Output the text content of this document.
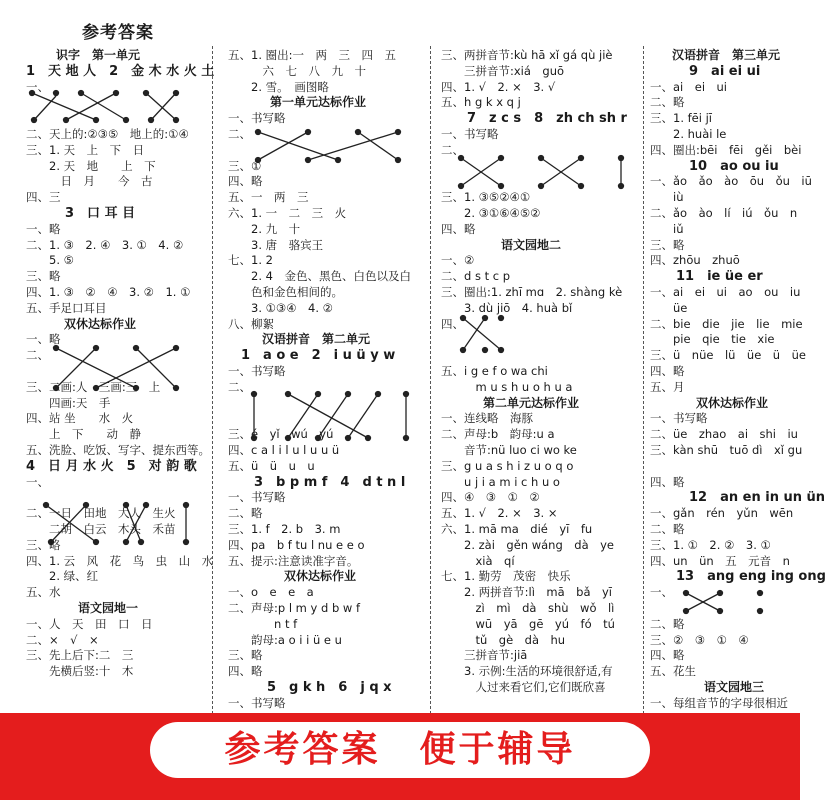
参考答案
识字　第一单元
1　天 地 人　2　金 木 水 火 土
一、
二、天上的:②③⑤　地上的:①④
三、1. 天　上　下　日
　　2. 天　地　　上　下
　　　日　月　　今　古
四、三
　　　3　口 耳 目
一、略
二、1. ③　2. ④　3. ①　4. ②
　　5. ⑤
三、略
四、1. ③　②　④　3. ②　1. ①
五、手足口耳目
双休达标作业
一、略
二、
三、二画:人　三画:三　上
　　四画:天　手
四、站 坐　　水　火
　　上　下　　动　静
五、洗脸、吃饭、写字、提东西等。
4　日 月 水 火　5　对 韵 歌
一、
二、一日　田地　大人　生火
　　二胡　白云　木头　禾苗
三、略
四、1. 云　风　花　鸟　虫　山　水
　　2. 绿、红
五、水
语文园地一
一、人　天　田　口　日
二、×　√　×
三、先上后下:二　三
　　先横后竖:十　木
五、1. 圈出:一　两　三　四　五
　　　六　七　八　九　十
　　2. 雪。　画图略
第一单元达标作业
一、书写略
二、
三、①
四、略
五、一　两　三
六、1. 一　二　三　火
　　2. 九　十
　　3. 唐　骆宾王
七、1. 2
　　2. 4　金色、黑色、白色以及白
　　色和金色相间的。
　　3. ①③④　4. ②
八、柳絮
汉语拼音　第二单元
　1　a o e　2　i u ü y w
一、书写略
二、
三、é　yǐ　wú　yú
四、c a l i l u l u u ü
五、ü　ü　u　u
　　3　b p m f　4　d t n l
一、书写略
二、略
三、1. f　2. b　3. m
四、pa　b f tu l nu e e o
五、提示:注意读准字音。
双休达标作业
一、o　e　e　a
二、声母:p l m y d b w f
　　　　n t f
　　韵母:a o i i ü e u
三、略
四、略
　　　5　g k h　6　j q x
一、书写略
三、两拼音节:kù hā xǐ gá qù jiè
　　三拼音节:xiá　guō
四、1. √　2. ×　3. √
五、h g k x q j
　　7　z c s　8　zh ch sh r
一、书写略
二、
三、1. ③⑤②④①
　　2. ③①⑥④⑤②
四、略
语文园地二
一、②
二、d s t c p
三、圈出:1. zhī mɑ　2. shàng kè
　　3. dù jiō　4. huà bǐ
四、
五、i g e f o wa chi
　　　m u s h u o h u a
第二单元达标作业
一、连线略　海豚
二、声母:b　韵母:u a
　　音节:nü luo ci wo ke
三、g u a s h i z u o q o
　　u j i a m i c h u o
四、④　③　①　②
五、1. √　2. ×　3. ×
六、1. mā ma　dié　yī　fu
　　2. zài　gěn wáng　dà　ye
　　　xià　qí
七、1. 勤劳　茂密　快乐
　　2. 两拼音节:lì　mā　bǎ　yī
　　　zì　mì　dà　shù　wǒ　lì
　　　wū　yā　gē　yú　fó　tú
　　　tǔ　gè　dà　hu
　　三拼音节:jiā
　　3. 示例:生活的环境很舒适,有
　　　人过来看它们,它们既欣喜
汉语拼音　第三单元
　　　9　ai ei ui
一、ai　ei　ui
二、略
三、1. fēi jī
　　2. huài le
四、圈出:bēi　fēi　gěi　bèi
　　　10　ao ou iu
一、ǎo　ǎo　ào　ōu　ǒu　iū
　　iù
二、ǎo　ào　lí　iú　ǒu　n
　　iǔ
三、略
四、zhōu　zhuō
　　11　ie üe er
一、ai　ei　ui　ao　ou　iu
　　üe
二、bie　die　jie　lie　mie
　　pie　qie　tie　xie
三、ü　nüe　lü　üe　ü　üe
四、略
五、月
双休达标作业
一、书写略
二、üe　zhao　ai　shi　iu
三、kàn shū　tuō dì　xǐ gu
四、略
　　　12　an en in un ün
一、gǎn　rén　yǔn　wēn
二、略
三、1. ①　2. ②　3. ①
四、un　ün　五　元音　n
　　13　ang eng ing ong
一、
二、略
三、②　③　①　④
四、略
五、花生
语文园地三
一、每组音节的字母很相近
参考答案　便于辅导
